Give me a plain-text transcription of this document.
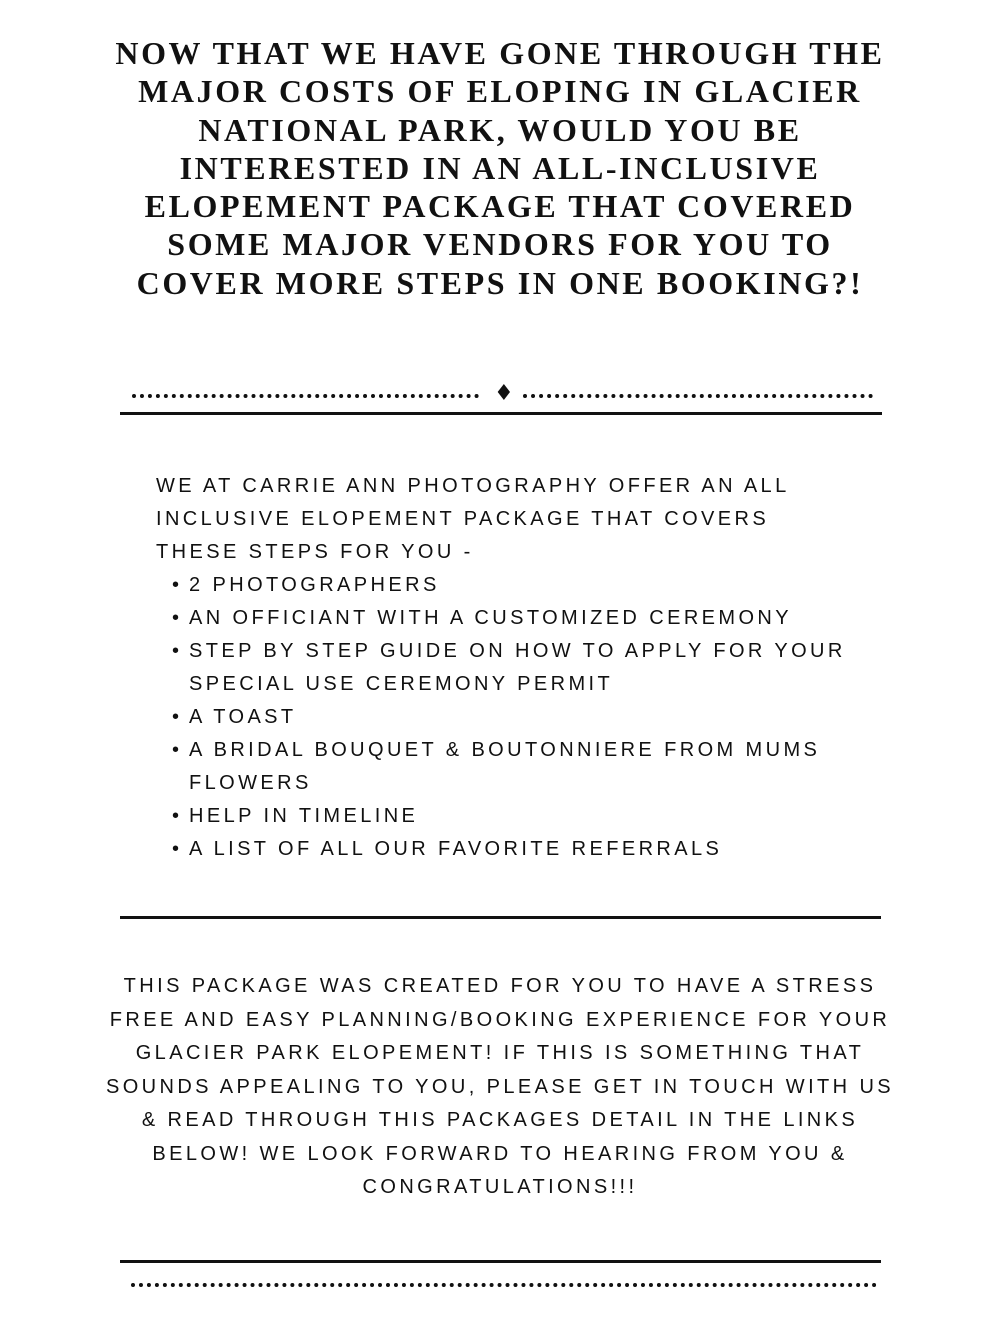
NOW THAT WE HAVE GONE THROUGH THE MAJOR COSTS OF ELOPING IN GLACIER NATIONAL PARK, WOULD YOU BE INTERESTED IN AN ALL-INCLUSIVE ELOPEMENT PACKAGE THAT COVERED SOME MAJOR VENDORS FOR YOU TO COVER MORE STEPS IN ONE BOOKING?!
♦

WE AT CARRIE ANN PHOTOGRAPHY OFFER AN ALL INCLUSIVE ELOPEMENT PACKAGE THAT COVERS THESE STEPS FOR YOU -

• 2 PHOTOGRAPHERS
• AN OFFICIANT WITH A CUSTOMIZED CEREMONY
• STEP BY STEP GUIDE ON HOW TO APPLY FOR YOUR SPECIAL USE CEREMONY PERMIT
• A TOAST
• A BRIDAL BOUQUET & BOUTONNIERE FROM MUMS FLOWERS
• HELP IN TIMELINE
• A LIST OF ALL OUR FAVORITE REFERRALS

THIS PACKAGE WAS CREATED FOR YOU TO HAVE A STRESS FREE AND EASY PLANNING/BOOKING EXPERIENCE FOR YOUR GLACIER PARK ELOPEMENT! IF THIS IS SOMETHING THAT SOUNDS APPEALING TO YOU, PLEASE GET IN TOUCH WITH US & READ THROUGH THIS PACKAGES DETAIL IN THE LINKS BELOW! WE LOOK FORWARD TO HEARING FROM YOU & CONGRATULATIONS!!!
